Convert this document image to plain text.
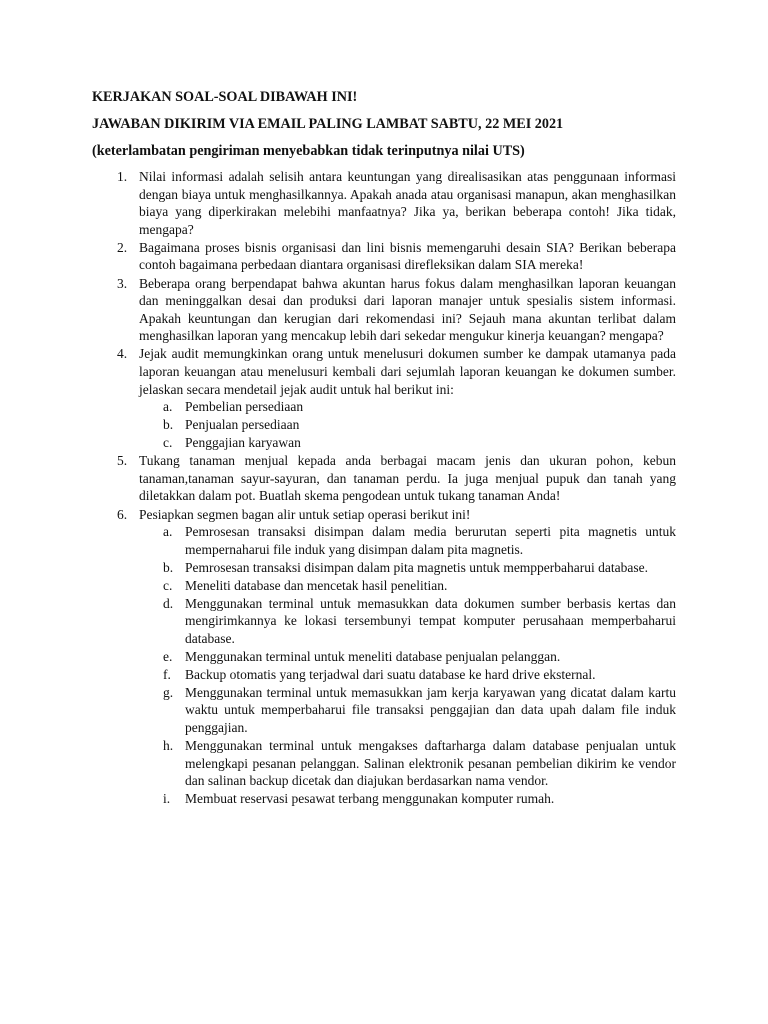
KERJAKAN SOAL-SOAL DIBAWAH INI!

JAWABAN DIKIRIM VIA EMAIL PALING LAMBAT SABTU, 22 MEI 2021

(keterlambatan pengiriman menyebabkan tidak terinputnya nilai UTS)

1. Nilai informasi adalah selisih antara keuntungan yang direalisasikan atas penggunaan informasi dengan biaya untuk menghasilkannya. Apakah anada atau organisasi manapun, akan menghasilkan biaya yang diperkirakan melebihi manfaatnya? Jika ya, berikan beberapa contoh! Jika tidak, mengapa?
2. Bagaimana proses bisnis organisasi dan lini bisnis memengaruhi desain SIA? Berikan beberapa contoh bagaimana perbedaan diantara organisasi direfleksikan dalam SIA mereka!
3. Beberapa orang berpendapat bahwa akuntan harus fokus dalam menghasilkan laporan keuangan dan meninggalkan desai dan produksi dari laporan manajer untuk spesialis sistem informasi. Apakah keuntungan dan kerugian dari rekomendasi ini? Sejauh mana akuntan terlibat dalam menghasilkan laporan yang mencakup lebih dari sekedar mengukur kinerja keuangan? mengapa?
4. Jejak audit memungkinkan orang untuk menelusuri dokumen sumber ke dampak utamanya pada laporan keuangan atau menelusuri kembali dari sejumlah laporan keuangan ke dokumen sumber. jelaskan secara mendetail jejak audit untuk hal berikut ini:
a. Pembelian persediaan
b. Penjualan persediaan
c. Penggajian karyawan
5. Tukang tanaman menjual kepada anda berbagai macam jenis dan ukuran pohon, kebun tanaman,tanaman sayur-sayuran, dan tanaman perdu. Ia juga menjual pupuk dan tanah yang diletakkan dalam pot. Buatlah skema pengodean untuk tukang tanaman Anda!
6. Pesiapkan segmen bagan alir untuk setiap operasi berikut ini!
a. Pemrosesan transaksi disimpan dalam media berurutan seperti pita magnetis untuk mempernaharui file induk yang disimpan dalam pita magnetis.
b. Pemrosesan transaksi disimpan dalam pita magnetis untuk mempperbaharui database.
c. Meneliti database dan mencetak hasil penelitian.
d. Menggunakan terminal untuk memasukkan data dokumen sumber berbasis kertas dan mengirimkannya ke lokasi tersembunyi tempat komputer perusahaan memperbaharui database.
e. Menggunakan terminal untuk meneliti database penjualan pelanggan.
f. Backup otomatis yang terjadwal dari suatu database ke hard drive eksternal.
g. Menggunakan terminal untuk memasukkan jam kerja karyawan yang dicatat dalam kartu waktu untuk memperbaharui file transaksi penggajian dan data upah dalam file induk penggajian.
h. Menggunakan terminal untuk mengakses daftarharga dalam database penjualan untuk melengkapi pesanan pelanggan. Salinan elektronik pesanan pembelian dikirim ke vendor dan salinan backup dicetak dan diajukan berdasarkan nama vendor.
i. Membuat reservasi pesawat terbang menggunakan komputer rumah.
